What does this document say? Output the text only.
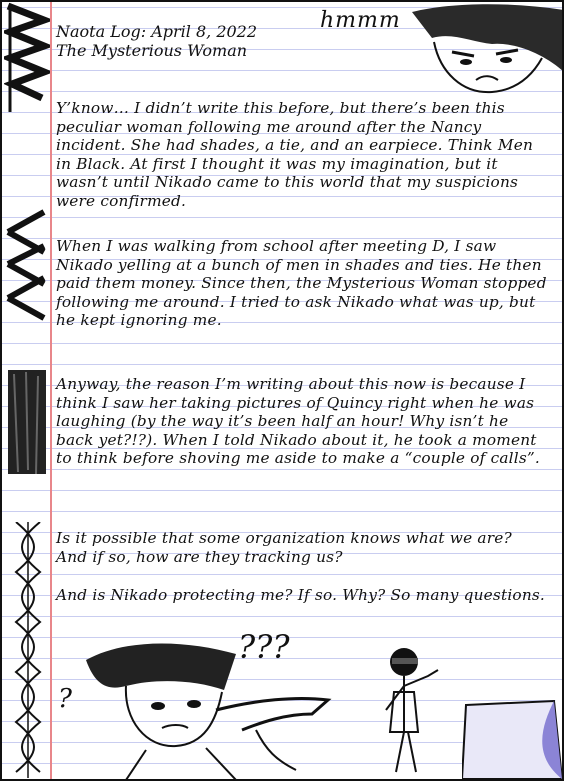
Naota Log: April 8, 2022
The Mysterious Woman
hmmm

Y’know… I didn’t write this before, but there’s been this peculiar woman following me around after the Nancy incident. She had shades, a tie, and an earpiece. Think Men in Black. At first I thought it was my imagination, but it wasn’t until Nikado came to this world that my suspicions were confirmed.

When I was walking from school after meeting D, I saw Nikado yelling at a bunch of men in shades and ties. He then paid them money. Since then, the Mysterious Woman stopped following me around. I tried to ask Nikado what was up, but he kept ignoring me.

Anyway, the reason I’m writing about this now is because I think I saw her taking pictures of Quincy right when he was laughing (by the way it’s been half an hour! Why isn’t he back yet?!?). When I told Nikado about it, he took a moment to think before shoving me aside to make a “couple of calls”.

Is it possible that some organization knows what we are? And if so, how are they tracking us?

And is Nikado protecting me? If so. Why? So many questions.

???
?
